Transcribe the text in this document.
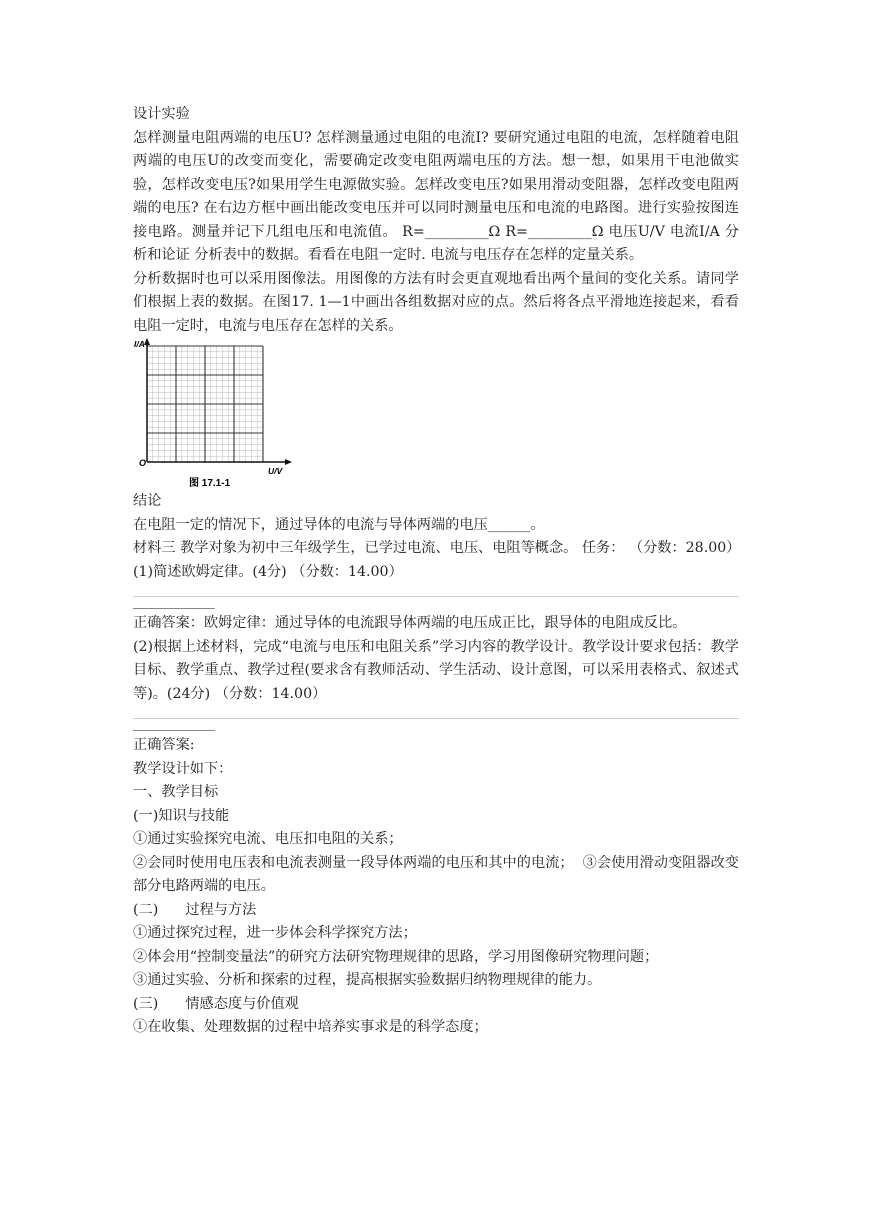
设计实验

怎样测量电阻两端的电压U? 怎样测量通过电阻的电流I? 要研究通过电阻的电流，怎样随着电阻两端的电压U的改变而变化，需要确定改变电阻两端电压的方法。想一想，如果用干电池做实验，怎样改变电压?如果用学生电源做实验。怎样改变电压?如果用滑动变阻器，怎样改变电阻两端的电压? 在右边方框中画出能改变电压并可以同时测量电压和电流的电路图。进行实验按图连接电路。测量并记下几组电压和电流值。 R=_________Ω R=_________Ω 电压U/V 电流I/A 分析和论证 分析表中的数据。看看在电阻一定时. 电流与电压存在怎样的定量关系。

分析数据时也可以采用图像法。用图像的方法有时会更直观地看出两个量间的变化关系。请同学们根据上表的数据。在图17. 1—1中画出各组数据对应的点。然后将各点平滑地连接起来，看看电阻一定时，电流与电压存在怎样的关系。

I/A
O
U/V
图 17.1-1

结论

在电阻一定的情况下，通过导体的电流与导体两端的电压______。

材料三 教学对象为初中三年级学生，已学过电流、电压、电阻等概念。 任务： （分数：28.00）

(1)简述欧姆定律。(4分) （分数：14.00）

正确答案：欧姆定律：通过导体的电流跟导体两端的电压成正比，跟导体的电阻成反比。

(2)根据上述材料，完成“电流与电压和电阻关系”学习内容的教学设计。教学设计要求包括：教学目标、教学重点、教学过程(要求含有教师活动、学生活动、设计意图，可以采用表格式、叙述式等)。(24分) （分数：14.00）

正确答案:

教学设计如下：

一、教学目标

(一)知识与技能

①通过实验探究电流、电压扣电阻的关系；

②会同时使用电压表和电流表测量一段导体两端的电压和其中的电流；  ③会使用滑动变阻器改变部分电路两端的电压。

(二)      过程与方法

①通过探究过程，进一步体会科学探究方法；

②体会用“控制变量法”的研究方法研究物理规律的思路，学习用图像研究物理问题；

③通过实验、分析和探索的过程，提高根据实验数据归纳物理规律的能力。

(三)      情感态度与价值观

①在收集、处理数据的过程中培养实事求是的科学态度；
